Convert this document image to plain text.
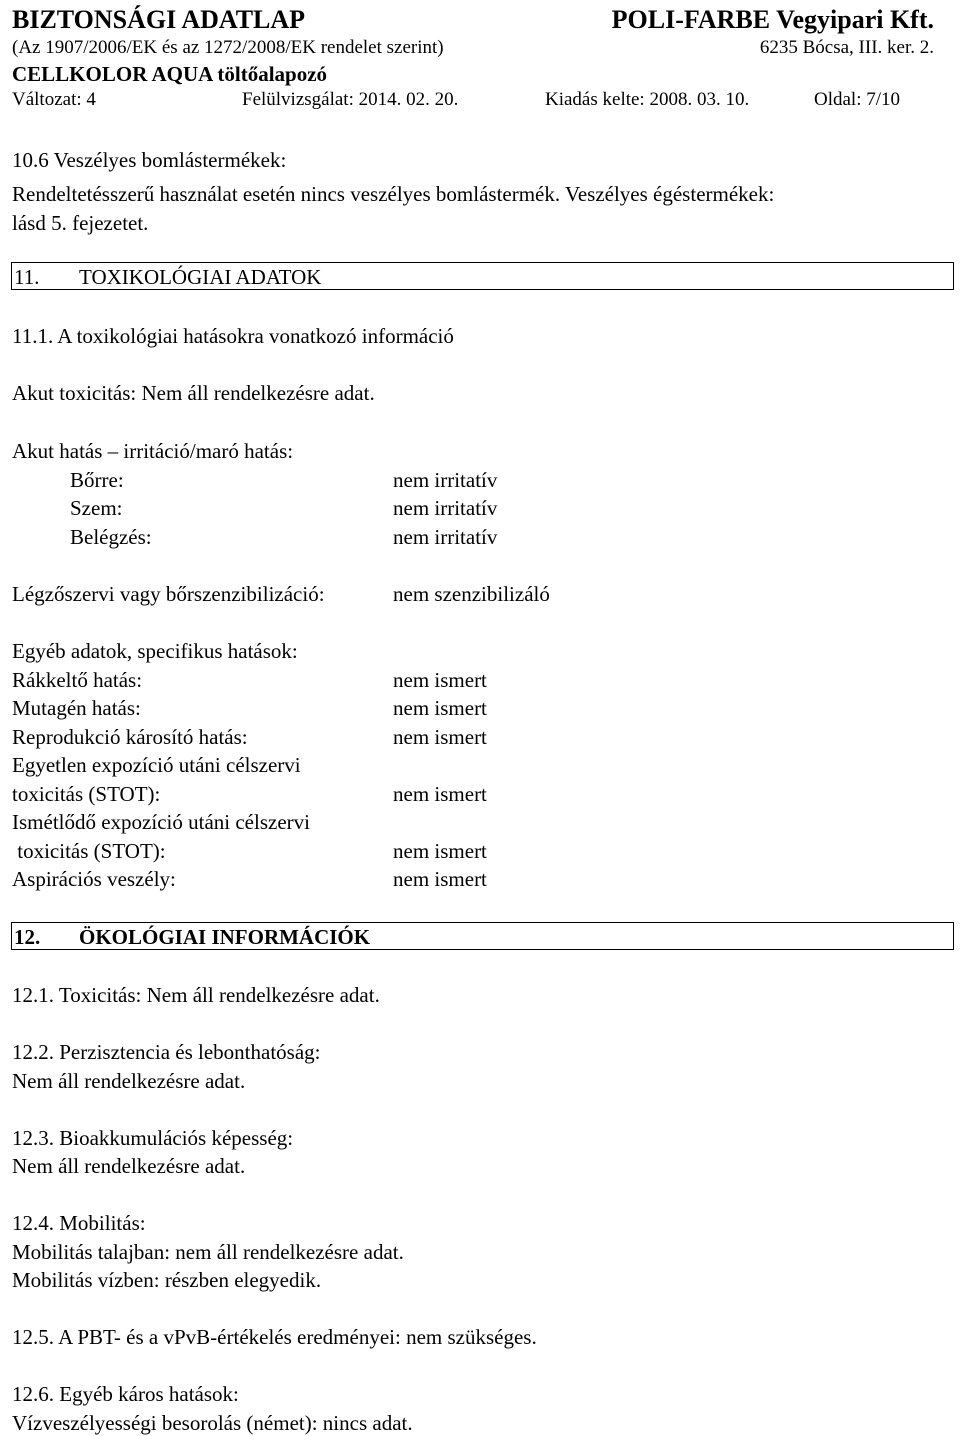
BIZTONSÁGI ADATLAP	POLI-FARBE Vegyipari Kft.
(Az 1907/2006/EK és az 1272/2008/EK rendelet szerint)	6235 Bócsa, III. ker. 2.
CELLKOLOR AQUA töltőalapozó
Változat: 4	Felülvizsgálat: 2014. 02. 20.	Kiadás kelte: 2008. 03. 10.	Oldal: 7/10
10.6 Veszélyes bomlástermékek:
Rendeltetésszerű használat esetén nincs veszélyes bomlástermék. Veszélyes égéstermékek:
lásd 5. fejezetet.
11. TOXIKOLÓGIAI ADATOK
11.1. A toxikológiai hatásokra vonatkozó információ
Akut toxicitás: Nem áll rendelkezésre adat.
Akut hatás – irritáció/maró hatás:
Bőrre:	nem irritatív
Szem:	nem irritatív
Belégzés:	nem irritatív
Légzőszervi vagy bőrszenzibilizáció:	nem szenzibilizáló
Egyéb adatok, specifikus hatások:
Rákkeltő hatás:	nem ismert
Mutagén hatás:	nem ismert
Reprodukció károsító hatás:	nem ismert
Egyetlen expozíció utáni célszervi
toxicitás (STOT):	nem ismert
Ismétlődő expozíció utáni célszervi
toxicitás (STOT):	nem ismert
Aspirációs veszély:	nem ismert
12. ÖKOLÓGIAI INFORMÁCIÓK
12.1. Toxicitás: Nem áll rendelkezésre adat.
12.2. Perzisztencia és lebonthatóság:
Nem áll rendelkezésre adat.
12.3. Bioakkumulációs képesség:
Nem áll rendelkezésre adat.
12.4. Mobilitás:
Mobilitás talajban: nem áll rendelkezésre adat.
Mobilitás vízben: részben elegyedik.
12.5. A PBT- és a vPvB-értékelés eredményei: nem szükséges.
12.6. Egyéb káros hatások:
Vízveszélyességi besorolás (német): nincs adat.
